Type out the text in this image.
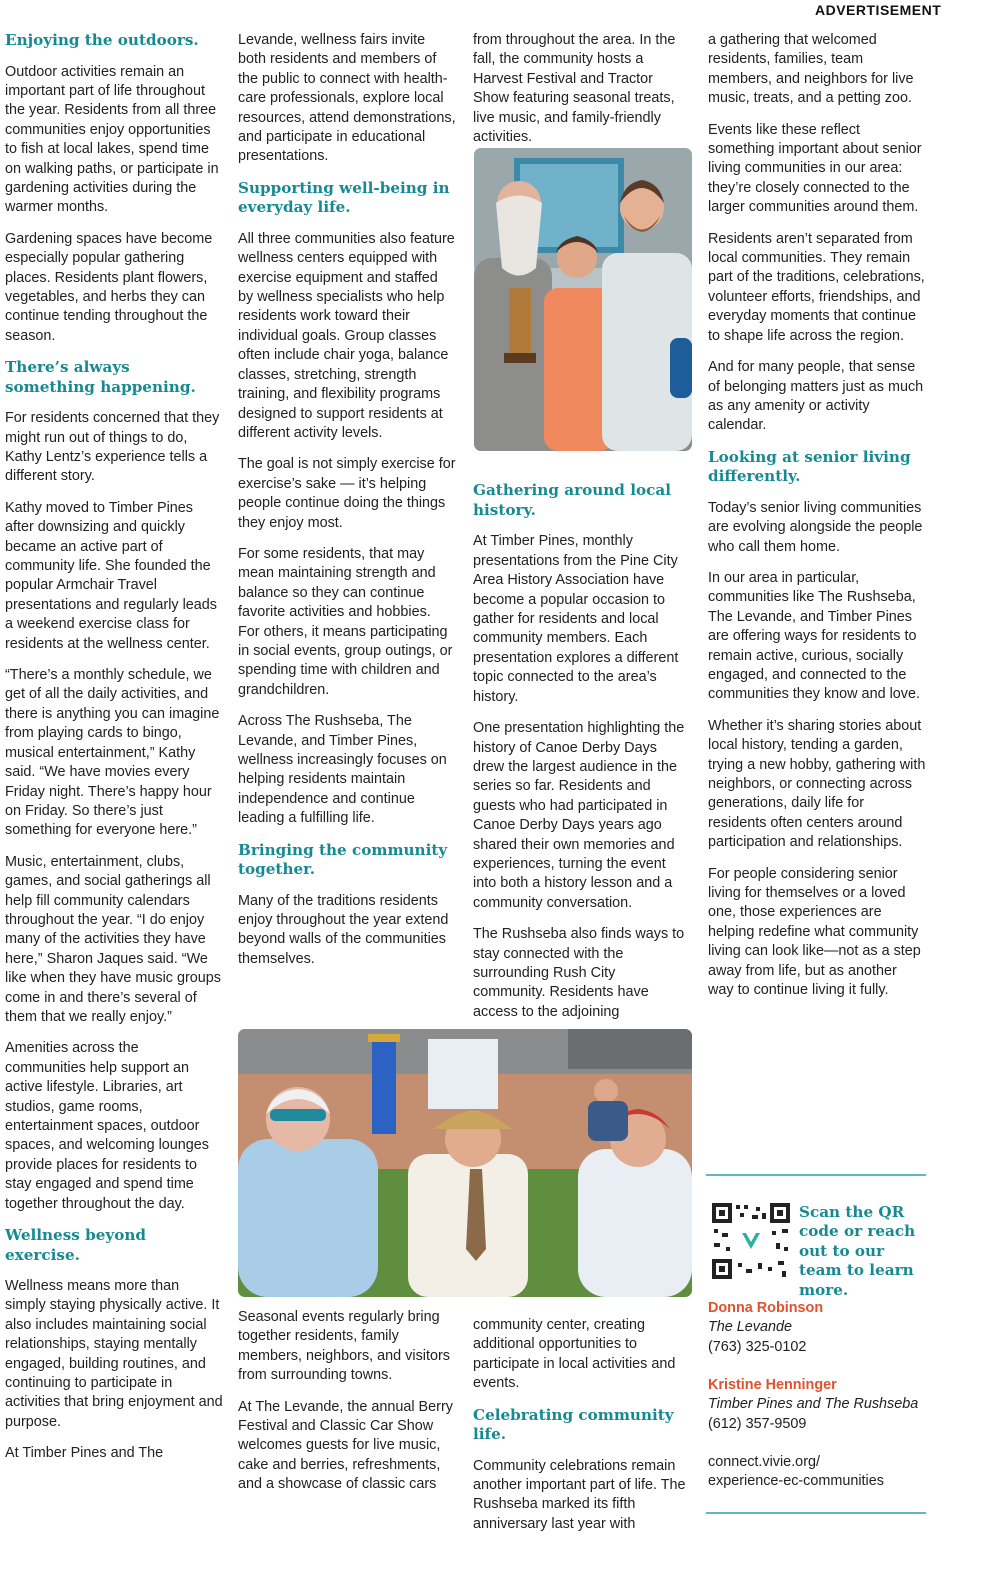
ADVERTISEMENT
Enjoying the outdoors.

Outdoor activities remain an important part of life throughout the year. Residents from all three communities enjoy opportunities to fish at local lakes, spend time on walking paths, or participate in gardening activities during the warmer months.

Gardening spaces have become especially popular gathering places. Residents plant flowers, vegetables, and herbs they can continue tending throughout the season.

There’s always something happening.

For residents concerned that they might run out of things to do, Kathy Lentz’s experience tells a different story.

Kathy moved to Timber Pines after downsizing and quickly became an active part of community life. She founded the popular Armchair Travel presentations and regularly leads a weekend exercise class for residents at the wellness center.

“There’s a monthly schedule, we get of all the daily activities, and there is anything you can imagine from playing cards to bingo, musical entertainment,” Kathy said. “We have movies every Friday night. There’s happy hour on Friday. So there’s just something for everyone here.”

Music, entertainment, clubs, games, and social gatherings all help fill community calendars throughout the year. “I do enjoy many of the activities they have here,” Sharon Jaques said. “We like when they have music groups come in and there’s several of them that we really enjoy.”

Amenities across the communities help support an active lifestyle. Libraries, art studios, game rooms, entertainment spaces, outdoor spaces, and welcoming lounges provide places for residents to stay engaged and spend time together throughout the day.

Wellness beyond exercise.

Wellness means more than simply staying physically active. It also includes maintaining social relationships, staying mentally engaged, building routines, and continuing to participate in activities that bring enjoyment and purpose.

At Timber Pines and The

Levande, wellness fairs invite both residents and members of the public to connect with health-care professionals, explore local resources, attend demonstrations, and participate in educational presentations.

Supporting well-being in everyday life.

All three communities also feature wellness centers equipped with exercise equipment and staffed by wellness specialists who help residents work toward their individual goals. Group classes often include chair yoga, balance classes, stretching, strength training, and flexibility programs designed to support residents at different activity levels.

The goal is not simply exercise for exercise’s sake — it’s helping people continue doing the things they enjoy most.

For some residents, that may mean maintaining strength and balance so they can continue favorite activities and hobbies. For others, it means participating in social events, group outings, or spending time with children and grandchildren.

Across The Rushseba, The Levande, and Timber Pines, wellness increasingly focuses on helping residents maintain independence and continue leading a fulfilling life.

Bringing the community together.

Many of the traditions residents enjoy throughout the year extend beyond walls of the communities themselves.

Seasonal events regularly bring together residents, family members, neighbors, and visitors from surrounding towns.

At The Levande, the annual Berry Festival and Classic Car Show welcomes guests for live music, cake and berries, refreshments, and a showcase of classic cars

from throughout the area. In the fall, the community hosts a Harvest Festival and Tractor Show featuring seasonal treats, live music, and family-friendly activities.

Gathering around local history.

At Timber Pines, monthly presentations from the Pine City Area History Association have become a popular occasion to gather for residents and local community members. Each presentation explores a different topic connected to the area’s history.

One presentation highlighting the history of Canoe Derby Days drew the largest audience in the series so far. Residents and guests who had participated in Canoe Derby Days years ago shared their own memories and experiences, turning the event into both a history lesson and a community conversation.

The Rushseba also finds ways to stay connected with the surrounding Rush City community. Residents have access to the adjoining

community center, creating additional opportunities to participate in local activities and events.

Celebrating community life.

Community celebrations remain another important part of life. The Rushseba marked its fifth anniversary last year with

a gathering that welcomed residents, families, team members, and neighbors for live music, treats, and a petting zoo.

Events like these reflect something important about senior living communities in our area: they’re closely connected to the larger communities around them.

Residents aren’t separated from local communities. They remain part of the traditions, celebrations, volunteer efforts, friendships, and everyday moments that continue to shape life across the region.

And for many people, that sense of belonging matters just as much as any amenity or activity calendar.

Looking at senior living differently.

Today’s senior living communities are evolving alongside the people who call them home.

In our area in particular, communities like The Rushseba, The Levande, and Timber Pines are offering ways for residents to remain active, curious, socially engaged, and connected to the communities they know and love.

Whether it’s sharing stories about local history, tending a garden, trying a new hobby, gathering with neighbors, or connecting across generations, daily life for residents often centers around participation and relationships.

For people considering senior living for themselves or a loved one, those experiences are helping redefine what community living can look like—not as a step away from life, but as another way to continue living it fully.

Scan the QR code or reach out to our team to learn more.
Donna Robinson
The Levande
(763) 325-0102
Kristine Henninger
Timber Pines and The Rushseba
(612) 357-9509
connect.vivie.org/
experience-ec-communities
